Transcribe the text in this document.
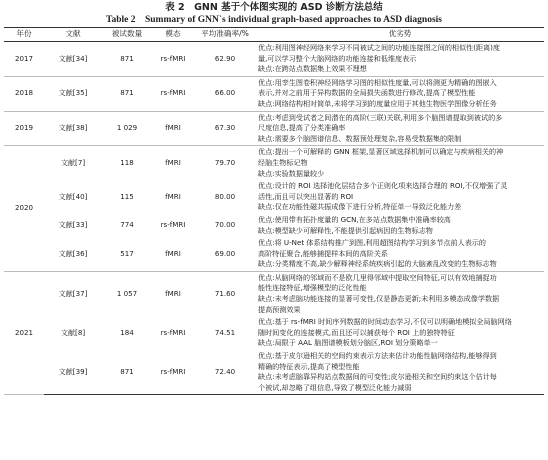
表 2　GNN 基于个体图实现的 ASD 诊断方法总结
Table 2　Summary of GNN`s individual graph-based approaches to ASD diagnosis
年份	文献	被试数量	模态	平均准确率/%	优劣势
2017	文献[34]	871	rs-fMRI	62.90	优点:利用图神经网络来学习不同被试之间的功能连接图之间的相似性(距离)度
量,可以学习整个大脑网络的功能连接和低维度表示
缺点:在跨站点数据集上效果不理想

2018	文献[35]	871	rs-fMRI	66.00	优点:用孪生图卷积神经网络学习图的相似性度量,可以将测更为精确的图嵌入
表示,并对之前用于异构数据的全局损失函数进行修改,提高了模型性能
缺点:网络结构相对简单,未将学习到的度量应用于其他生物医学图像分析任务

2019	文献[38]	1 029	fMRI	67.30	优点:考虑到受试者之间潜在的高阶(三联)关联,利用多个脑图谱提取到被试的多
尺度信息,提高了分类准确率
缺点:需要多个脑图谱信息、数据预处理复杂,容易受数据集的限制

2020	文献[7]	118	fMRI	79.70	优点:提出一个可解释的 GNN 框架,显著区域选择机制可以确定与疾病相关的神
经脑生物标记物
缺点:实验数据量较少

	文献[40]	115	fMRI	80.00	优点:设计的 ROI 选择池化层结合多个正则化项来选择合理的 ROI,不仅增强了灵
活性,而且可以突出显著的 ROI
缺点:仅在功能性磁共振成像下进行分析,特征单一导致泛化能力差

	文献[33]	774	rs-fMRI	70.00	优点:使用带有拓扑度量的 GCN,在多站点数据集中准确率较高
缺点:模型缺少可解释性,不能提供引起病因的生物标志物

	文献[36]	517	fMRI	69.00	优点:将 U-Net 体系结构推广到图,利用超图结构学习到多节点前人表示的
高阶特征聚合,能够捕提样本间的高阶关系
缺点:分类精度不高,缺少解释神经系统疾病引起的大脑紊乱改变的生物标志物

2021	文献[37]	1 057	fMRI	71.60	优点:从脑网络的邻域而不是欧几里得邻域中提取空间特征,可以有效地捕捉功
能性连接特征,增强模型的泛化性能
缺点:未考虑脑功能连接的显著可变性,仅是静态更新;未利用多模态成像学数据
提高预测效果

	文献[8]	184	rs-fMRI	74.51	优点:基于 rs-fMRI 时间序列数据的时间动态学习,不仅可以明确地模拟全局脑网络
随时间变化的连接模式,而且还可以捕获每个 ROI 上的独特特征
缺点:局限于 AAL 脑图谱模板划分脑区,ROI 划分策略单一

	文献[39]	871	rs-fMRI	72.40	优点:基于皮尔逊相关的空间约束表示方法来估计功能性脑网络结构,能够得到
精确的特征表示,提高了模型性能
缺点:未考虑脑靠异构站点数据间的可变性;皮尔逊相关和空间约束这个估计每
个被试,却忽略了组信息,导致了模型泛化能力减弱
